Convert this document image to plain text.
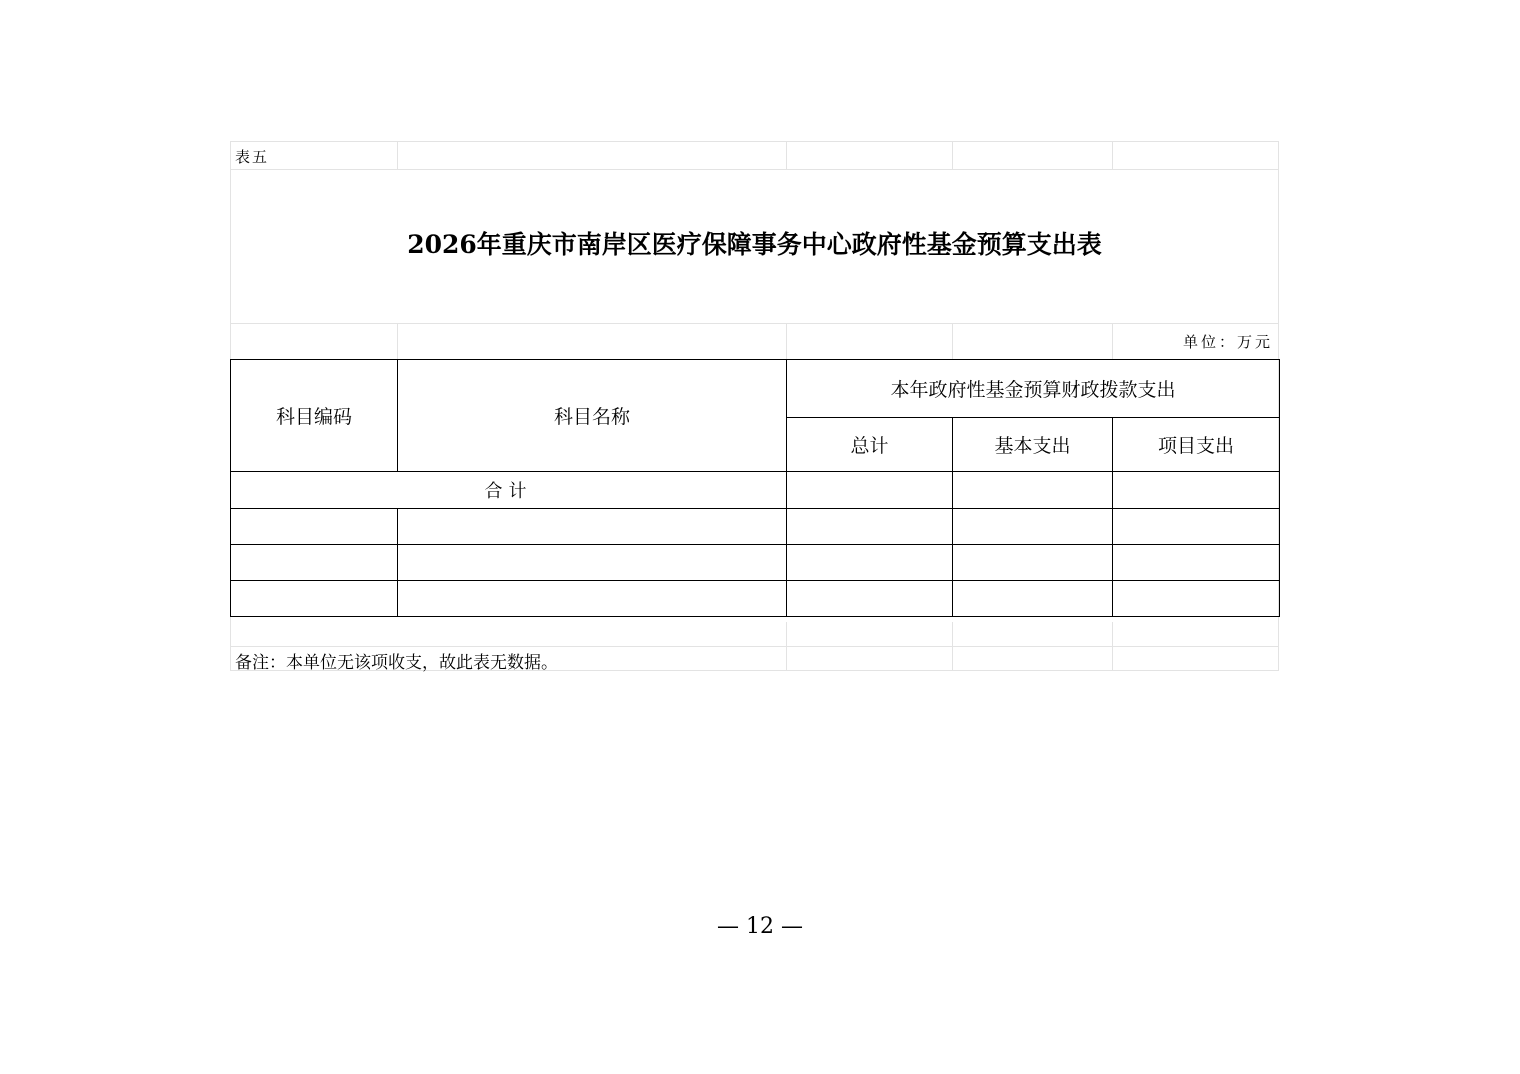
表五
2026年重庆市南岸区医疗保障事务中心政府性基金预算支出表
单位：万元
科目编码	科目名称	本年政府性基金预算财政拨款支出		
		总计	基本支出	项目支出
合计				

备注：本单位无该项收支，故此表无数据。
— 12 —
